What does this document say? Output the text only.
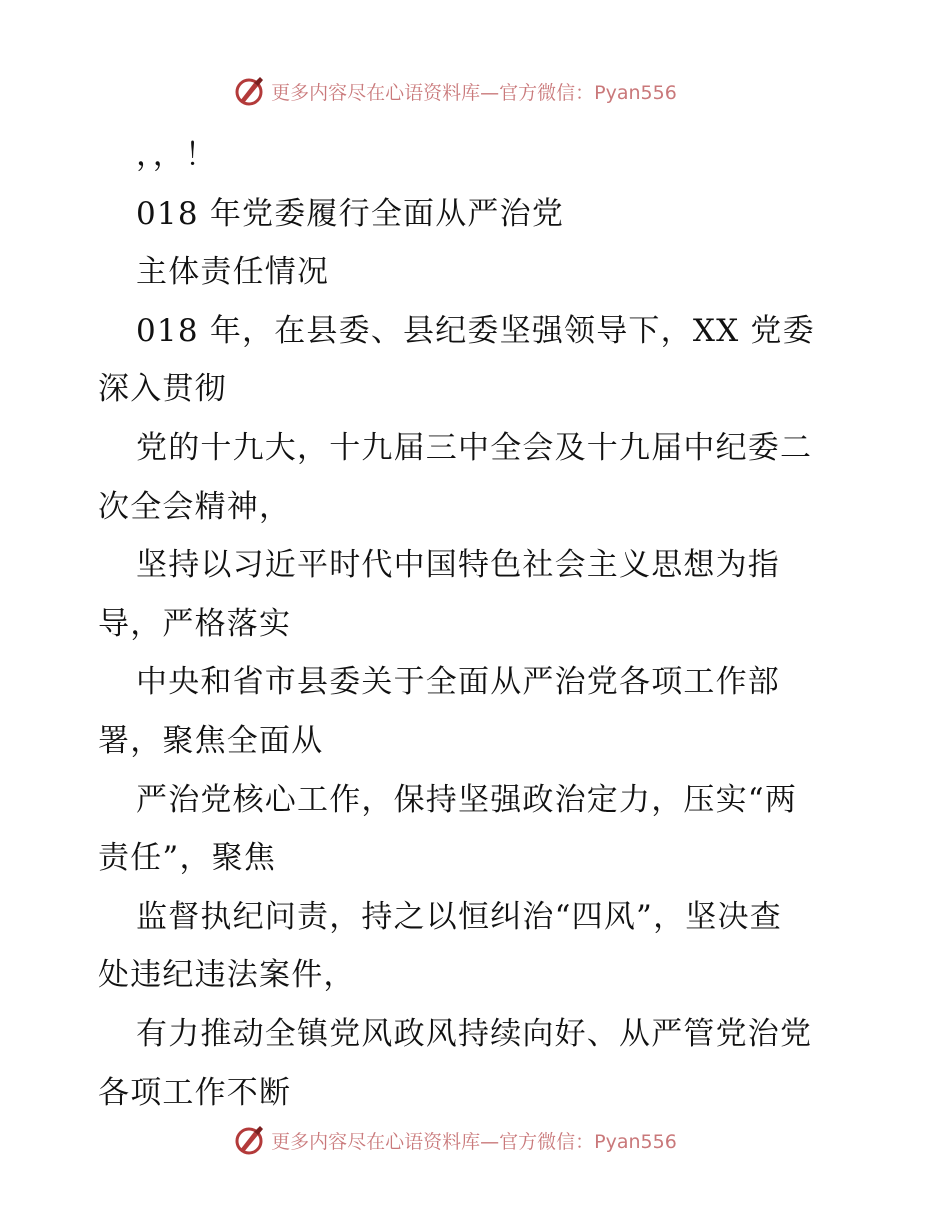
更多内容尽在心语资料库—官方微信：Pyan556
，，！
018 年党委履行全面从严治党
主体责任情况
018 年，在县委、县纪委坚强领导下，XX 党委
深入贯彻
党的十九大，十九届三中全会及十九届中纪委二
次全会精神，
坚持以习近平时代中国特色社会主义思想为指
导，严格落实
中央和省市县委关于全面从严治党各项工作部
署，聚焦全面从
严治党核心工作，保持坚强政治定力，压实“两
责任”，聚焦
监督执纪问责，持之以恒纠治“四风”，坚决查
处违纪违法案件，
有力推动全镇党风政风持续向好、从严管党治党
各项工作不断
更多内容尽在心语资料库—官方微信：Pyan556
